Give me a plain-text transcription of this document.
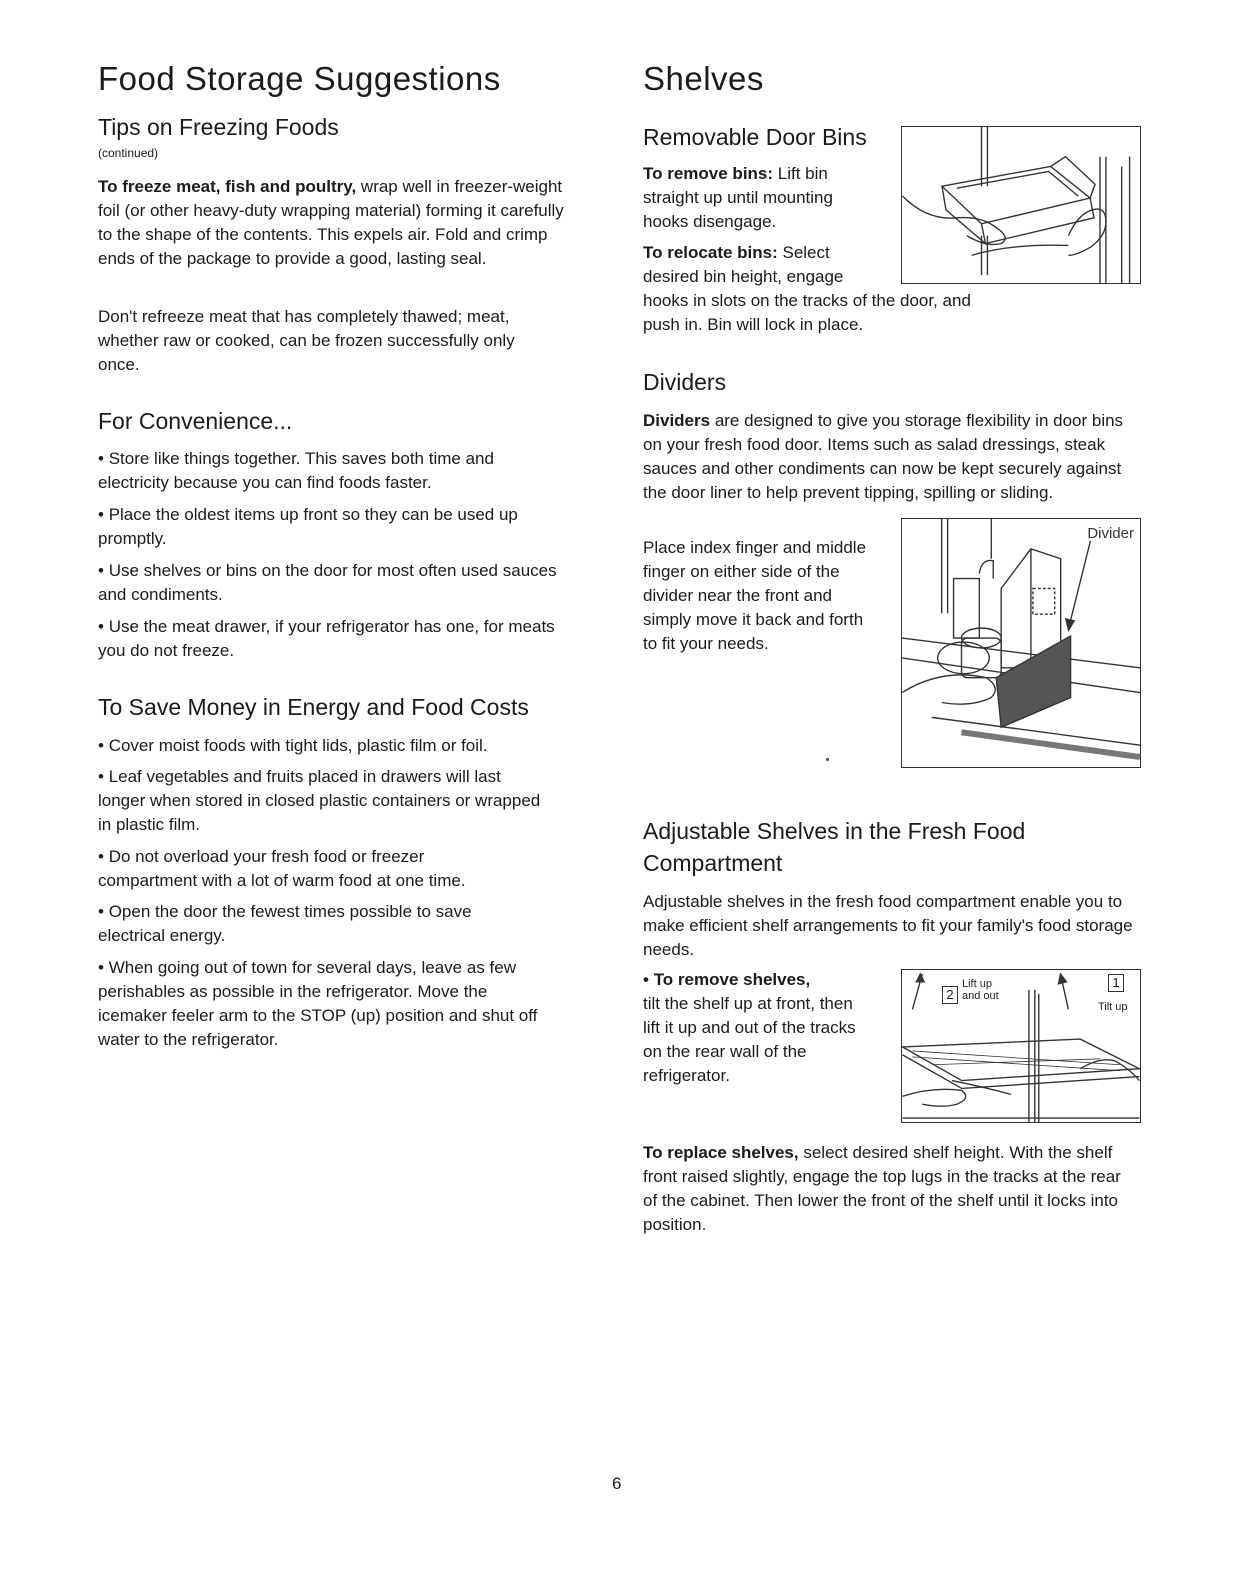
Food Storage Suggestions
Tips on Freezing Foods
(continued)

To freeze meat, fish and poultry, wrap well in freezer-weight foil (or other heavy-duty wrapping material) forming it carefully to the shape of the contents. This expels air. Fold and crimp ends of the package to provide a good, lasting seal.

Don't refreeze meat that has completely thawed; meat, whether raw or cooked, can be frozen successfully only once.

For Convenience...

• Store like things together. This saves both time and electricity because you can find foods faster.

• Place the oldest items up front so they can be used up promptly.

• Use shelves or bins on the door for most often used sauces and condiments.

• Use the meat drawer, if your refrigerator has one, for meats you do not freeze.

To Save Money in Energy and Food Costs

• Cover moist foods with tight lids, plastic film or foil.

• Leaf vegetables and fruits placed in drawers will last longer when stored in closed plastic containers or wrapped in plastic film.

• Do not overload your fresh food or freezer compartment with a lot of warm food at one time.

• Open the door the fewest times possible to save electrical energy.

• When going out of town for several days, leave as few perishables as possible in the refrigerator. Move the icemaker feeler arm to the STOP (up) position and shut off water to the refrigerator.

Shelves
Removable Door Bins

To remove bins: Lift bin straight up until mounting hooks disengage.

To relocate bins: Select desired bin height, engage

hooks in slots on the tracks of the door, and push in. Bin will lock in place.

Dividers

Dividers are designed to give you storage flexibility in door bins on your fresh food door. Items such as salad dressings, steak sauces and other condiments can now be kept securely against the door liner to help prevent tipping, spilling or sliding.

Place index finger and middle finger on either side of the divider near the front and simply move it back and forth to fit your needs.

Adjustable Shelves in the Fresh Food
Compartment

Adjustable shelves in the fresh food compartment enable you to make efficient shelf arrangements to fit your family's food storage needs.

• To remove shelves,
tilt the shelf up at front, then lift it up and out of the tracks on the rear wall of the refrigerator.

To replace shelves, select desired shelf height. With the shelf front raised slightly, engage the top lugs in the tracks at the rear of the cabinet. Then lower the front of the shelf until it locks into position.

Divider
2
Lift up
and out
1
Tilt up
6
